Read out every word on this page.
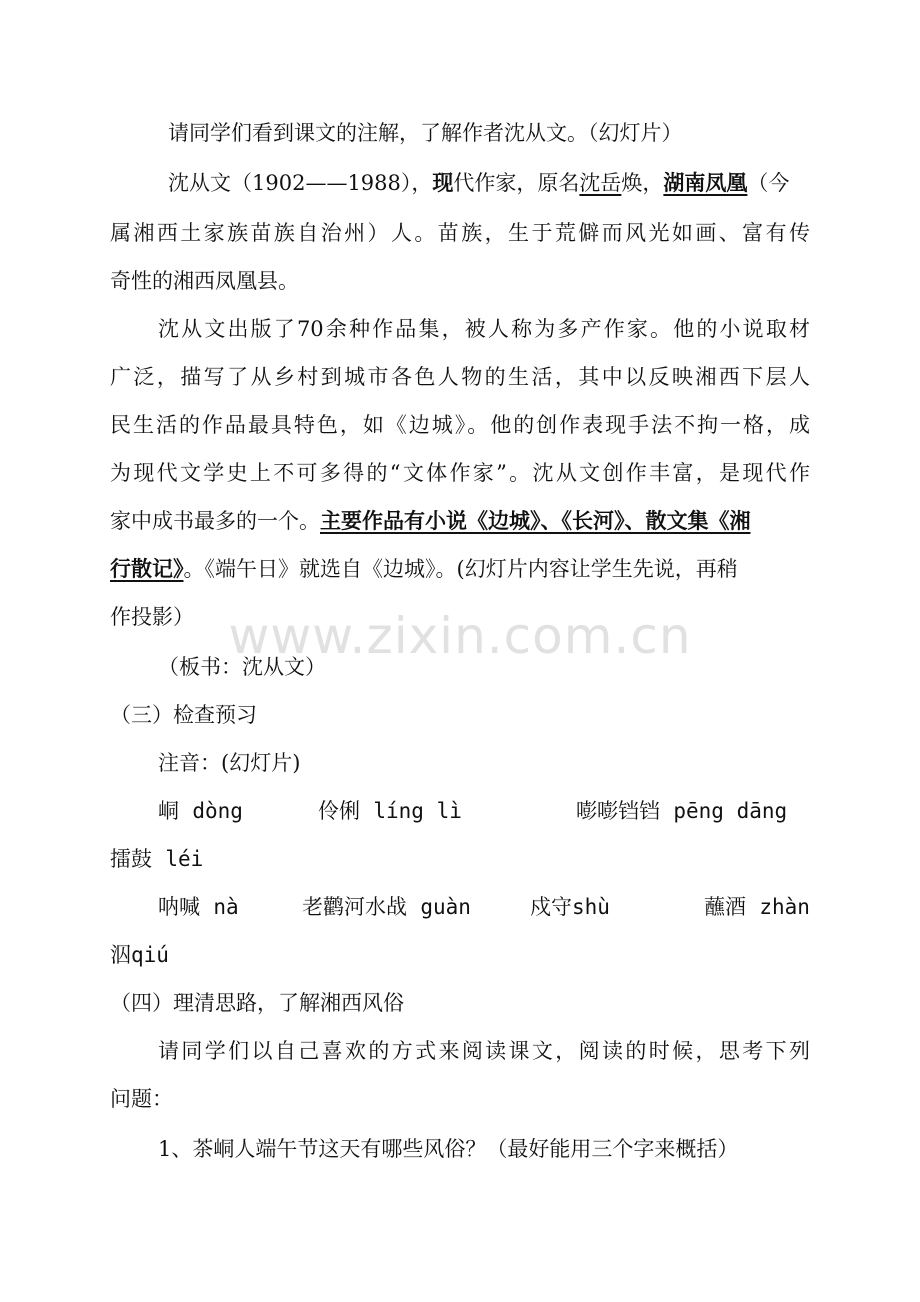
请同学们看到课文的注解，了解作者沈从文。（幻灯片）
沈从文（1902——1988），现代作家，原名沈岳焕，湖南凤凰（今
属湘西土家族苗族自治州）人。苗族，生于荒僻而风光如画、富有传
奇性的湘西凤凰县。
沈从文出版了70余种作品集，被人称为多产作家。他的小说取材
广泛，描写了从乡村到城市各色人物的生活，其中以反映湘西下层人
民生活的作品最具特色，如《边城》。他的创作表现手法不拘一格，成
为现代文学史上不可多得的“文体作家”。沈从文创作丰富，是现代作
家中成书最多的一个。主要作品有小说《边城》、《长河》、散文集《湘
行散记》。《端午日》就选自《边城》。(幻灯片内容让学生先说，再稍
作投影）
（板书：沈从文）
（三）检查预习
注音：(幻灯片)
峒 dòng	伶俐 líng lì	嘭嘭铛铛 pēng dāng
擂鼓 léi
呐喊 nà	老鹳河水战 guàn	戍守shù	蘸酒 zhàn
泅qiú
（四）理清思路，了解湘西风俗
请同学们以自己喜欢的方式来阅读课文，阅读的时候，思考下列
问题：
1、茶峒人端午节这天有哪些风俗？（最好能用三个字来概括）
www.zixin.com.cn
